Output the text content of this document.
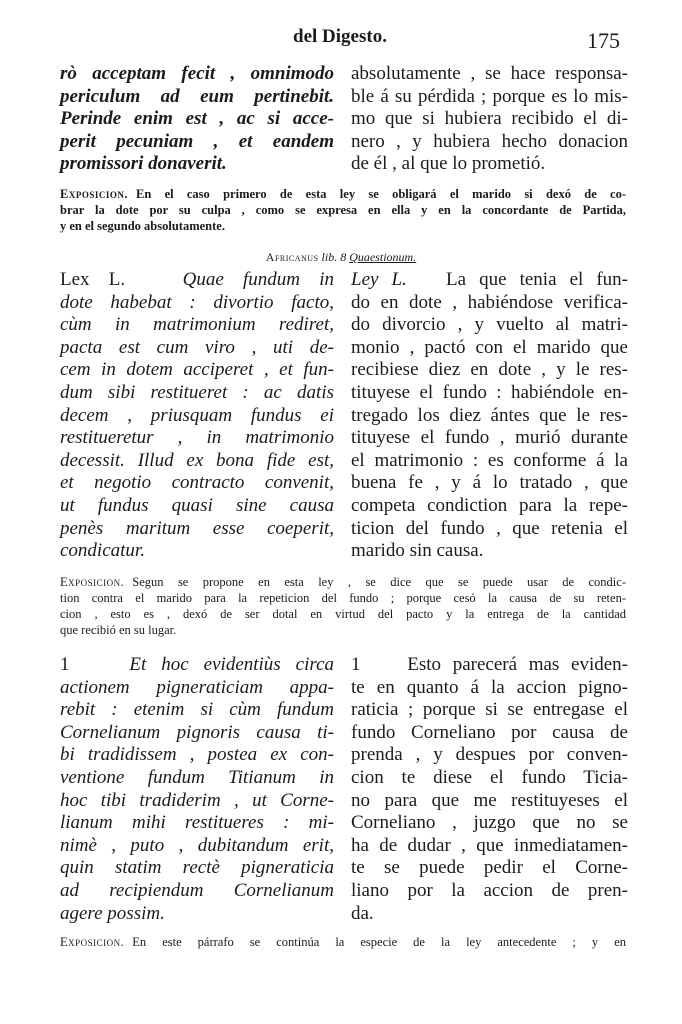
del Digesto.	175
rò acceptam fecit , omnimodo
periculum ad eum pertinebit.
Perinde enim est , ac si acce-
perit pecuniam , et eandem
promissori donaverit.
absolutamente , se hace responsa-
ble á su pérdida ; porque es lo mis-
mo que si hubiera recibido el di-
nero , y hubiera hecho donacion
de él , al que lo prometió.
Exposicion. En el caso primero de esta ley se obligará el marido si dexó de co-
brar la dote por su culpa , como se expresa en ella y en la concordante de Partida,
y en el segundo absolutamente.
Africanus lib. 8 Quaestionum.
Lex L.	Quae fundum in
dote habebat : divortio facto,
cùm in matrimonium rediret,
pacta est cum viro , uti de-
cem in dotem acciperet , et fun-
dum sibi restitueret : ac datis
decem , priusquam fundus ei
restitueretur , in matrimonio
decessit. Illud ex bona fide est,
et negotio contracto convenit,
ut fundus quasi sine causa
penès maritum esse coeperit,
condicatur.
Ley L. La que tenia el fun-
do en dote , habiéndose verifica-
do divorcio , y vuelto al matri-
monio , pactó con el marido que
recibiese diez en dote , y le res-
tituyese el fundo : habiéndole en-
tregado los diez ántes que le res-
tituyese el fundo , murió durante
el matrimonio : es conforme á la
buena fe , y á lo tratado , que
competa condiction para la repe-
ticion del fundo , que retenia el
marido sin causa.
Exposicion. Segun se propone en esta ley , se dice que se puede usar de condic-
tion contra el marido para la repeticion del fundo ; porque cesó la causa de su reten-
cion , esto es , dexó de ser dotal en virtud del pacto y la entrega de la cantidad
que recibió en su lugar.
1	Et hoc evidentiùs circa
actionem pigneraticiam appa-
rebit : etenim si cùm fundum
Cornelianum pignoris causa ti-
bi tradidissem , postea ex con-
ventione fundum Titianum in
hoc tibi tradiderim , ut Corne-
lianum mihi restitueres : mi-
nimè , puto , dubitandum erit,
quin statim rectè pigneraticia
ad recipiendum Cornelianum
agere possim.
1 Esto parecerá mas eviden-
te en quanto á la accion pigno-
raticia ; porque si se entregase el
fundo Corneliano por causa de
prenda , y despues por conven-
cion te diese el fundo Ticia-
no para que me restituyeses el
Corneliano , juzgo que no se
ha de dudar , que inmediatamen-
te se puede pedir el Corne-
liano por la accion de pren-
da.
Exposicion. En este párrafo se continúa la especie de la ley antecedente ; y en
